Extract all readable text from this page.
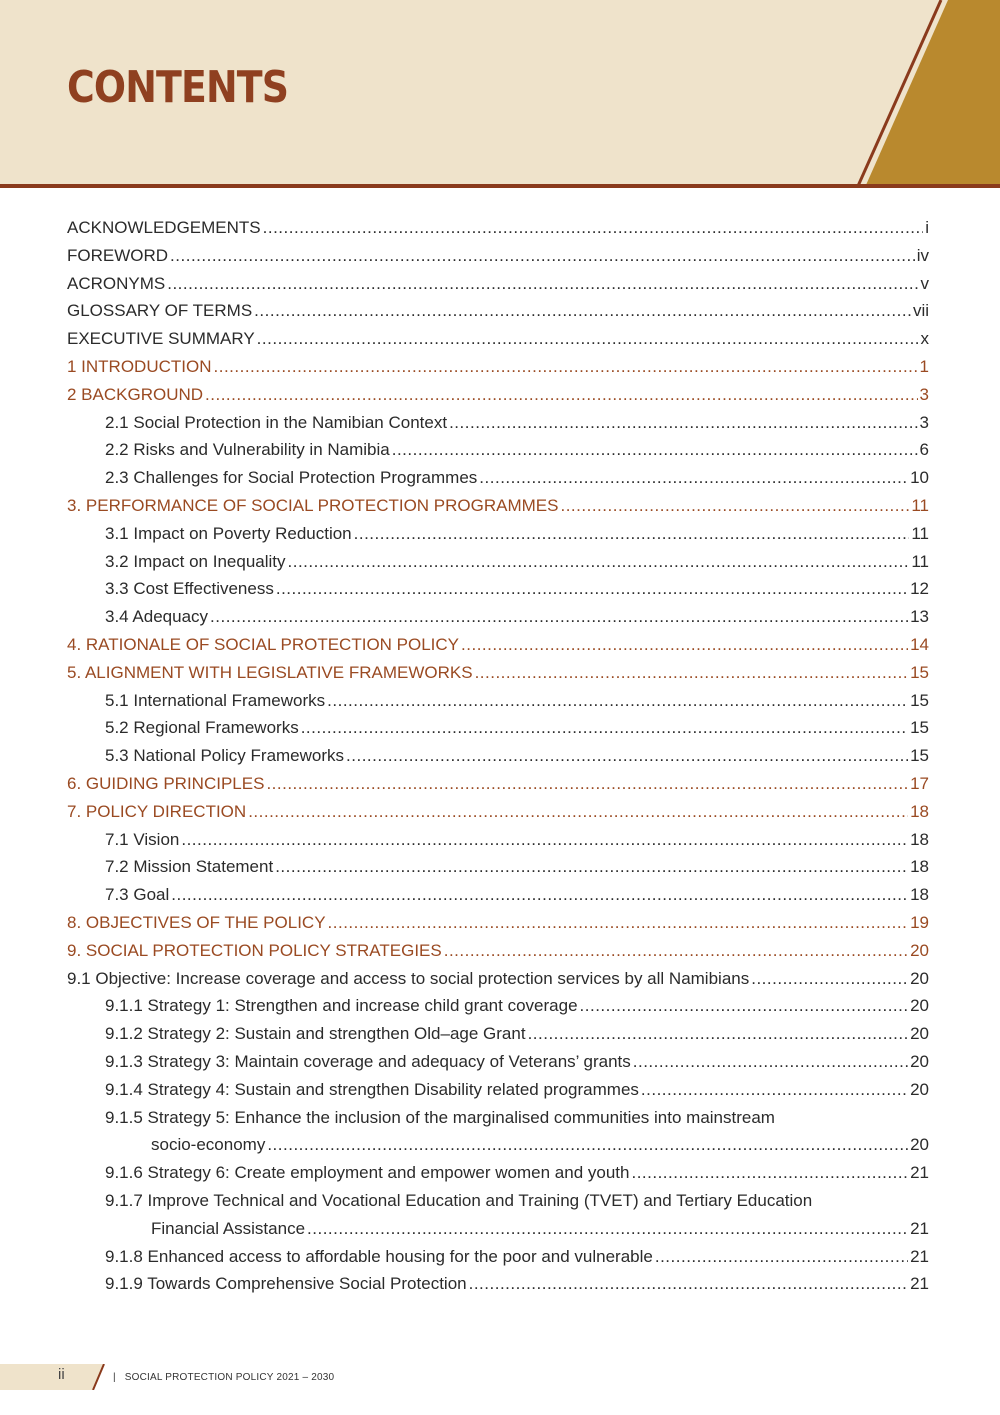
CONTENTS
ACKNOWLEDGEMENTS .....	i
FOREWORD .....	iv
ACRONYMS .....	v
GLOSSARY OF TERMS .....	vii
EXECUTIVE SUMMARY .....	x
1 INTRODUCTION .....	1
2 BACKGROUND .....	3
2.1 Social Protection in the Namibian Context .....	3
2.2 Risks and Vulnerability in Namibia .....	6
2.3 Challenges for Social Protection Programmes .....	10
3. PERFORMANCE OF SOCIAL PROTECTION PROGRAMMES .....	11
3.1 Impact on Poverty Reduction .....	11
3.2 Impact on Inequality .....	11
3.3 Cost Effectiveness .....	12
3.4 Adequacy .....	13
4. RATIONALE OF SOCIAL PROTECTION POLICY .....	14
5. ALIGNMENT WITH LEGISLATIVE FRAMEWORKS .....	15
5.1 International Frameworks .....	15
5.2 Regional Frameworks .....	15
5.3 National Policy Frameworks .....	15
6. GUIDING PRINCIPLES .....	17
7. POLICY DIRECTION .....	18
7.1 Vision .....	18
7.2 Mission Statement .....	18
7.3 Goal .....	18
8. OBJECTIVES OF THE POLICY .....	19
9. SOCIAL PROTECTION POLICY STRATEGIES .....	20
9.1 Objective: Increase coverage and access to social protection services by all Namibians .....	20
9.1.1 Strategy 1: Strengthen and increase child grant coverage .....	20
9.1.2 Strategy 2: Sustain and strengthen Old–age Grant .....	20
9.1.3 Strategy 3: Maintain coverage and adequacy of Veterans’ grants .....	20
9.1.4 Strategy 4: Sustain and strengthen Disability related programmes .....	20
9.1.5 Strategy 5: Enhance the inclusion of the marginalised communities into mainstream
socio-economy .....	20
9.1.6 Strategy 6: Create employment and empower women and youth .....	21
9.1.7 Improve Technical and Vocational Education and Training (TVET) and Tertiary Education
Financial Assistance .....	21
9.1.8 Enhanced access to affordable housing for the poor and vulnerable .....	21
9.1.9 Towards Comprehensive Social Protection .....	21
ii	| SOCIAL PROTECTION POLICY 2021 – 2030
